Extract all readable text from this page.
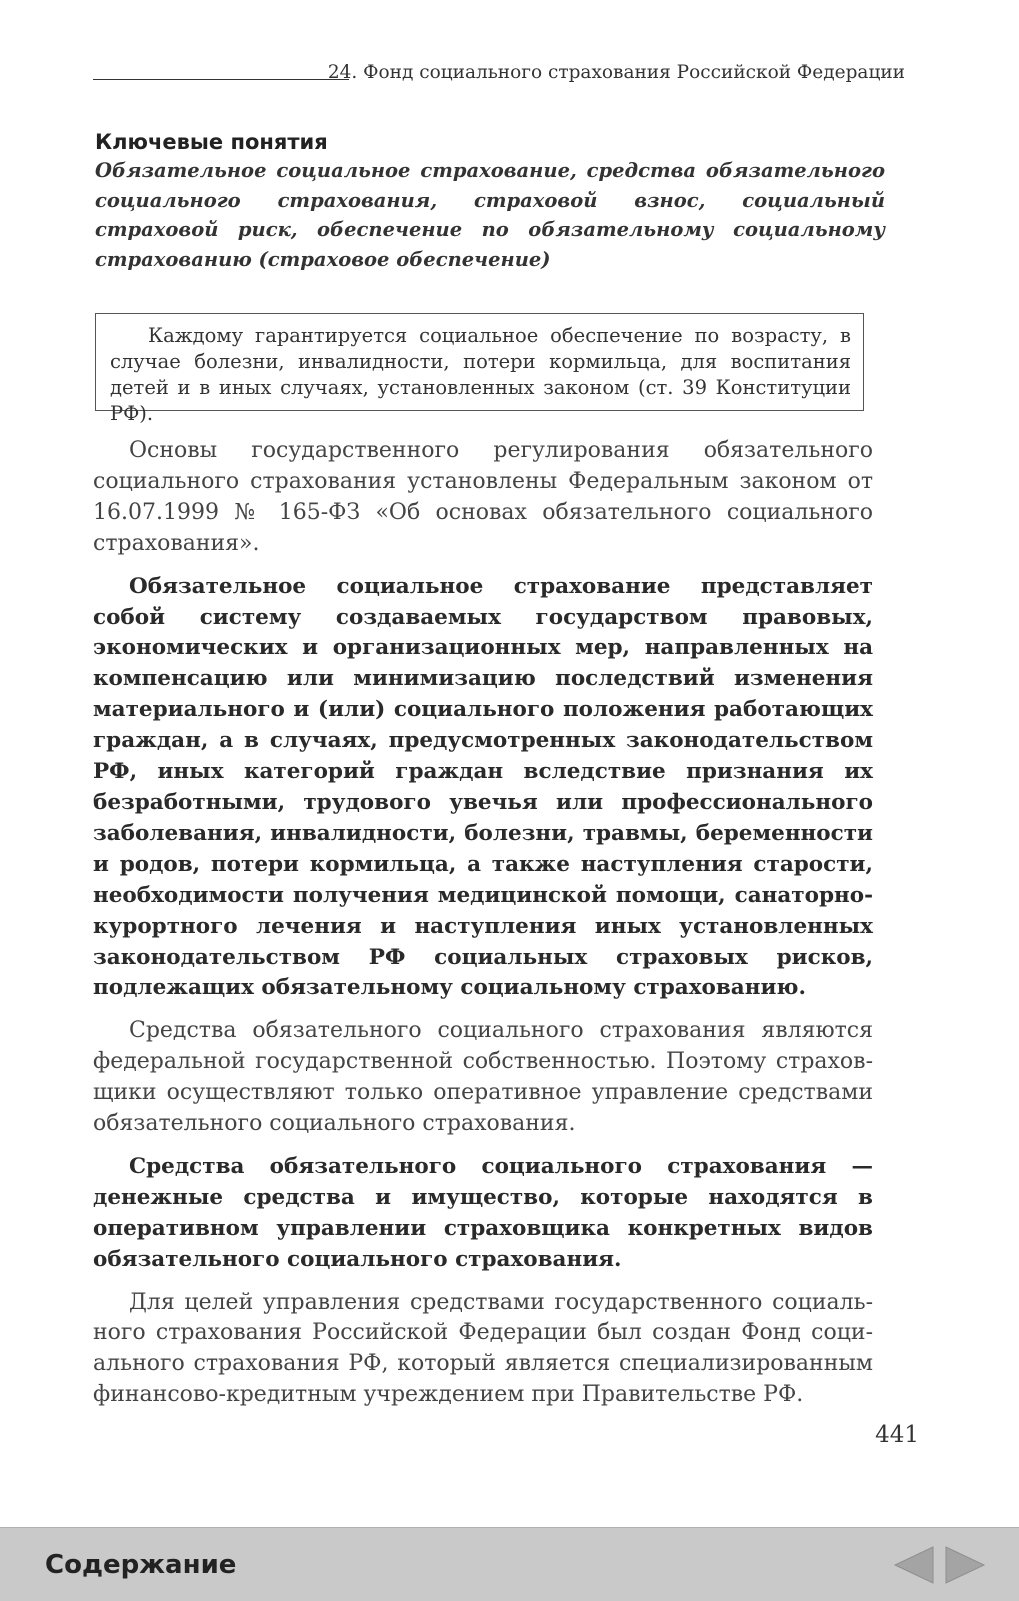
24. Фонд социального страхования Российской Федерации

Ключевые понятия

Обязательное социальное страхование, средства обязательного социального страхования, страховой взнос, социальный страховой риск, обеспечение по обязательному социальному страхованию (страховое обеспечение)

Каждому гарантируется социальное обеспечение по возрасту, в случае болезни, инвалидности, потери кормильца, для воспитания детей и в иных случаях, установленных законом (ст. 39 Конституции РФ).

Основы государственного регулирования обязательного социального страхования установлены Федеральным законом от 16.07.1999 № 165-ФЗ «Об основах обязательного социального страхования».

Обязательное социальное страхование представляет собой систему создаваемых государством правовых, экономических и организационных мер, направленных на компенсацию или минимизацию последствий изменения материального и (или) социального положения работающих граждан, а в случаях, предусмотренных законодательством РФ, иных категорий граждан вследствие признания их безработными, трудового увечья или профессионального заболевания, инвалидности, болезни, травмы, беременности и родов, потери кормильца, а также наступления старости, необходимости получения медицинской помощи, санаторно-курортного лечения и наступления иных установленных законодательством РФ социальных страховых рисков, подлежащих обязательному социальному страхованию.

Средства обязательного социального страхования являются федеральной государственной собственностью. Поэтому страховщики осуществляют только оперативное управление средствами обязательного социального страхования.

Средства обязательного социального страхования — денежные средства и имущество, которые находятся в оперативном управлении страховщика конкретных видов обязательного социального страхования.

Для целей управления средствами государственного социального страхования Российской Федерации был создан Фонд социального страхования РФ, который является специализированным финансово-кредитным учреждением при Правительстве РФ.

441
Содержание
